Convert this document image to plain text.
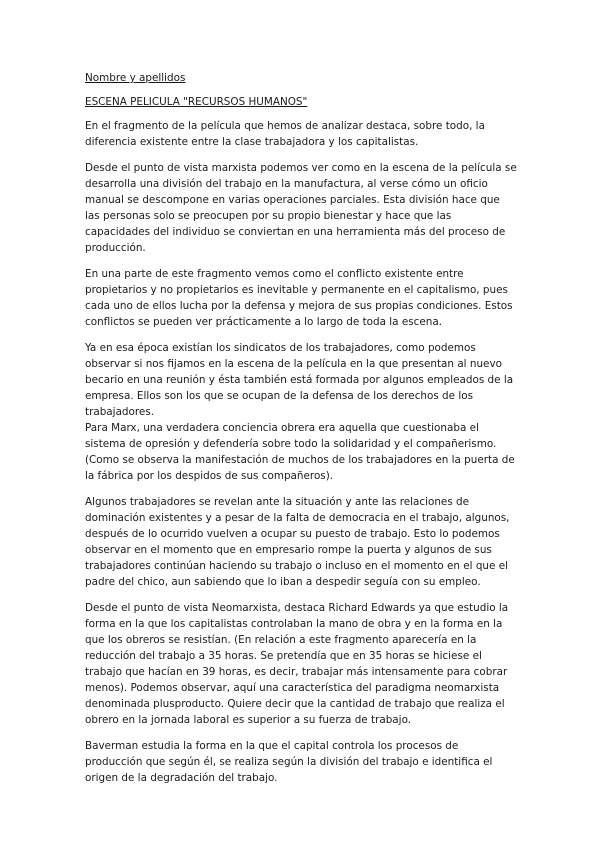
Nombre y apellidos

ESCENA PELICULA "RECURSOS HUMANOS"

En el fragmento de la película que hemos de analizar destaca, sobre todo, la diferencia existente entre la clase trabajadora y los capitalistas.

Desde el punto de vista marxista podemos ver como en la escena de la película se desarrolla una división del trabajo en la manufactura, al verse cómo un oficio manual se descompone en varias operaciones parciales. Esta división hace que las personas solo se preocupen por su propio bienestar y hace que las capacidades del individuo se conviertan en una herramienta más del proceso de producción.

En una parte de este fragmento vemos como el conflicto existente entre propietarios y no propietarios es inevitable y permanente en el capitalismo, pues cada uno de ellos lucha por la defensa y mejora de sus propias condiciones. Estos conflictos se pueden ver prácticamente a lo largo de toda la escena.

Ya en esa época existían los sindicatos de los trabajadores, como podemos observar si nos fijamos en la escena de la película en la que presentan al nuevo becario en una reunión y ésta también está formada por algunos empleados de la empresa. Ellos son los que se ocupan de la defensa de los derechos de los trabajadores.

Para Marx, una verdadera conciencia obrera era aquella que cuestionaba el sistema de opresión y defendería sobre todo la solidaridad y el compañerismo. (Como se observa la manifestación de muchos de los trabajadores en la puerta de la fábrica por los despidos de sus compañeros).

Algunos trabajadores se revelan ante la situación y ante las relaciones de dominación existentes y a pesar de la falta de democracia en el trabajo, algunos, después de lo ocurrido vuelven a ocupar su puesto de trabajo. Esto lo podemos observar en el momento que en empresario rompe la puerta y algunos de sus trabajadores continúan haciendo su trabajo o incluso en el momento en el que el padre del chico, aun sabiendo que lo iban a despedir seguía con su empleo.

Desde el punto de vista Neomarxista, destaca Richard Edwards ya que estudio la forma en la que los capitalistas controlaban la mano de obra y en la forma en la que los obreros se resistían. (En relación a este fragmento aparecería en la reducción del trabajo a 35 horas. Se pretendía que en 35 horas se hiciese el trabajo que hacían en 39 horas, es decir, trabajar más intensamente para cobrar menos). Podemos observar, aquí una característica del paradigma neomarxista denominada plusproducto. Quiere decir que la cantidad de trabajo que realiza el obrero en la jornada laboral es superior a su fuerza de trabajo.

Baverman estudia la forma en la que el capital controla los procesos de producción que según él, se realiza según la división del trabajo e identifica el origen de la degradación del trabajo.
